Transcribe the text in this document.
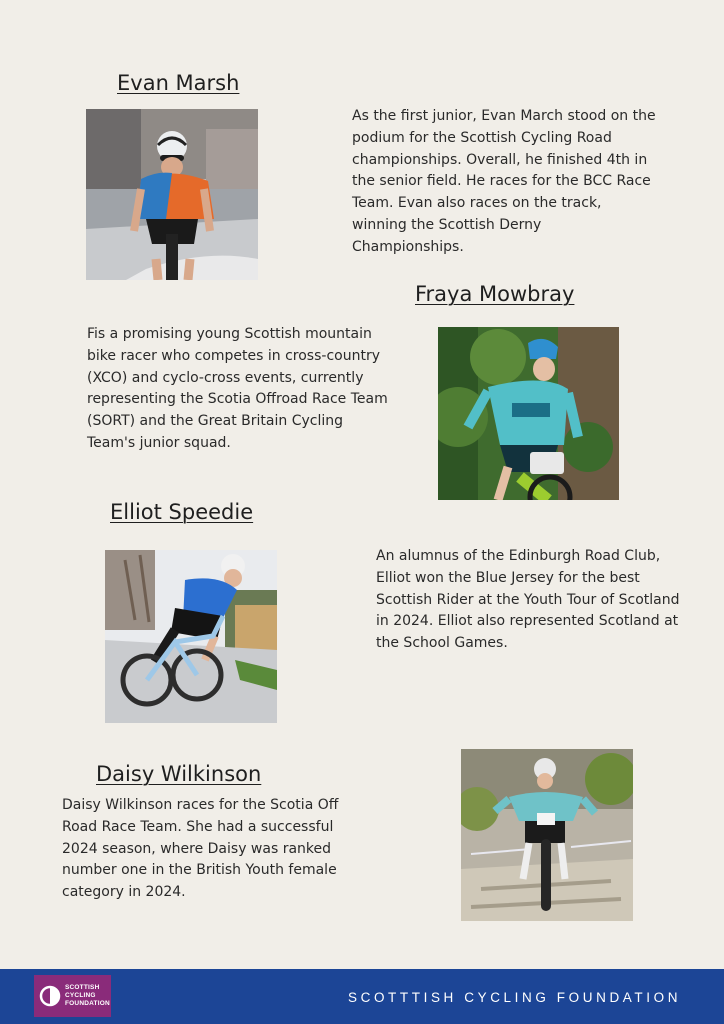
Evan Marsh

As the first junior, Evan March stood on the podium for the Scottish Cycling Road championships. Overall, he finished 4th in the senior field. He races for the BCC Race Team. Evan also races on the track, winning the Scottish Derny Championships.

Fraya Mowbray

Fis a promising young Scottish mountain bike racer who competes in cross-country (XCO) and cyclo-cross events, currently representing the Scotia Offroad Race Team (SORT) and the Great Britain Cycling Team's junior squad.

Elliot Speedie

An alumnus of the Edinburgh Road Club, Elliot won the Blue Jersey for the best Scottish Rider at the Youth Tour of Scotland in 2024. Elliot also represented Scotland at the School Games.

Daisy Wilkinson

Daisy Wilkinson races for the Scotia Off Road Race Team. She had a successful 2024 season, where Daisy was ranked number one in the British Youth female category in 2024.

SCOTTISH
CYCLING
FOUNDATION	SCOTTTISH CYCLING FOUNDATION
